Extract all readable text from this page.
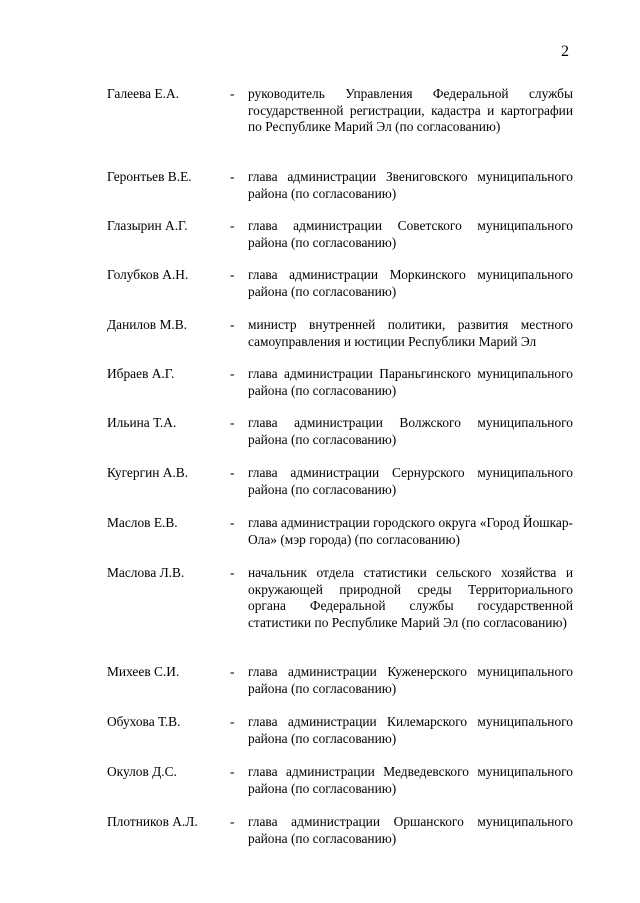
2
Галеева Е.А.	- руководитель Управления Федеральной службы государственной регистрации, кадастра и картографии по Республике Марий Эл (по согласованию)
Геронтьев В.Е.	- глава администрации Звениговского муниципального района (по согласованию)
Глазырин А.Г.	- глава администрации Советского муниципального района (по согласованию)
Голубков А.Н.	- глава администрации Моркинского муниципального района (по согласованию)
Данилов М.В.	- министр внутренней политики, развития местного самоуправления и юстиции Республики Марий Эл
Ибраев А.Г.	- глава администрации Параньгинского муниципального района (по согласованию)
Ильина Т.А.	- глава администрации Волжского муниципального района (по согласованию)
Кугергин А.В.	- глава администрации Сернурского муниципального района (по согласованию)
Маслов Е.В.	- глава администрации городского округа «Город Йошкар-Ола» (мэр города) (по согласованию)
Маслова Л.В.	- начальник отдела статистики сельского хозяйства и окружающей природной среды Территориального органа Федеральной службы государственной статистики по Республике Марий Эл (по согласованию)
Михеев С.И.	- глава администрации Куженерского муниципального района (по согласованию)
Обухова Т.В.	- глава администрации Килемарского муниципального района (по согласованию)
Окулов Д.С.	- глава администрации Медведевского муниципального района (по согласованию)
Плотников А.Л. - глава администрации Оршанского муниципального района (по согласованию)
